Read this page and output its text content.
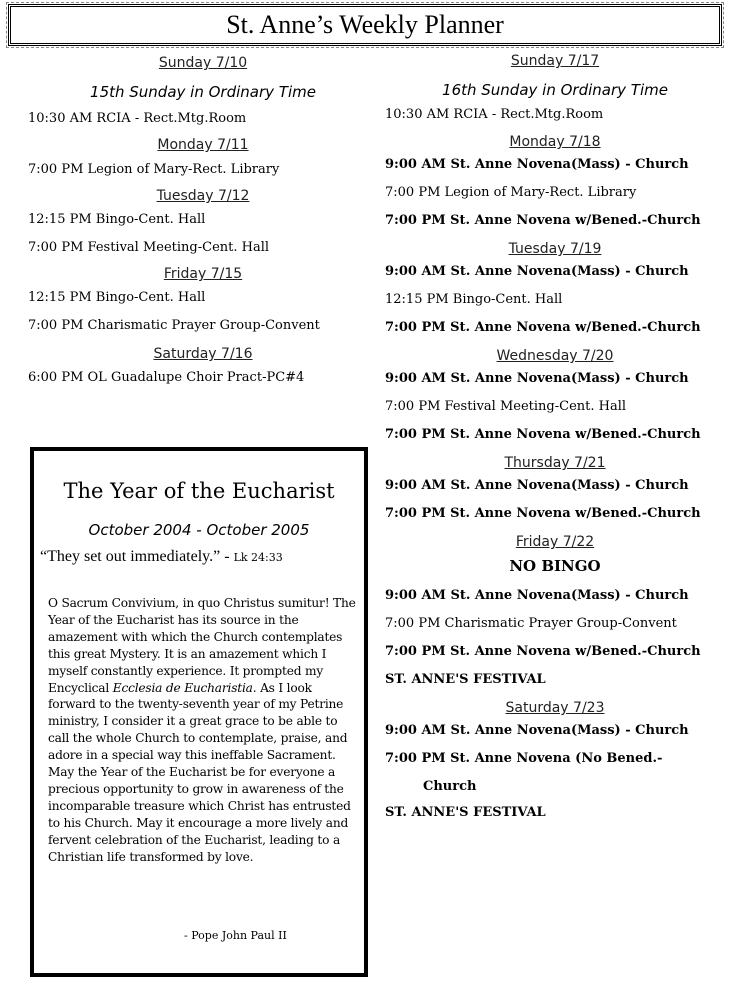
St. Anne’s Weekly Planner

Sunday 7/10

15th Sunday in Ordinary Time

10:30 AM RCIA - Rect.Mtg.Room

Monday 7/11

7:00 PM Legion of Mary-Rect. Library

Tuesday 7/12

12:15 PM Bingo-Cent. Hall

7:00 PM Festival Meeting-Cent. Hall

Friday 7/15

12:15 PM Bingo-Cent. Hall

7:00 PM Charismatic Prayer Group-Convent

Saturday 7/16

6:00 PM OL Guadalupe Choir Pract-PC#4

Sunday 7/17

16th Sunday in Ordinary Time

10:30 AM RCIA - Rect.Mtg.Room

Monday 7/18

9:00 AM St. Anne Novena(Mass) - Church

7:00 PM Legion of Mary-Rect. Library

7:00 PM St. Anne Novena w/Bened.-Church

Tuesday 7/19

9:00 AM St. Anne Novena(Mass) - Church

12:15 PM Bingo-Cent. Hall

7:00 PM St. Anne Novena w/Bened.-Church

Wednesday 7/20

9:00 AM St. Anne Novena(Mass) - Church

7:00 PM Festival Meeting-Cent. Hall

7:00 PM St. Anne Novena w/Bened.-Church

Thursday 7/21

9:00 AM St. Anne Novena(Mass) - Church

7:00 PM St. Anne Novena w/Bened.-Church

Friday 7/22

NO BINGO

9:00 AM St. Anne Novena(Mass) - Church

7:00 PM Charismatic Prayer Group-Convent

7:00 PM St. Anne Novena w/Bened.-Church

ST. ANNE'S FESTIVAL

Saturday 7/23

9:00 AM St. Anne Novena(Mass) - Church

7:00 PM St. Anne Novena (No Bened.-

Church

ST. ANNE'S FESTIVAL

The Year of the Eucharist

October 2004 - October 2005

“They set out immediately.” - Lk 24:33

O Sacrum Convivium, in quo Christus sumitur! The Year of the Eucharist has its source in the amazement with which the Church contemplates this great Mystery. It is an amazement which I myself constantly experience. It prompted my Encyclical Ecclesia de Eucharistia. As I look forward to the twenty-seventh year of my Petrine ministry, I consider it a great grace to be able to call the whole Church to contemplate, praise, and adore in a special way this ineffable Sacrament. May the Year of the Eucharist be for everyone a precious opportunity to grow in awareness of the incomparable treasure which Christ has entrusted to his Church. May it encourage a more lively and fervent celebration of the Eucharist, leading to a Christian life transformed by love.

- Pope John Paul II
